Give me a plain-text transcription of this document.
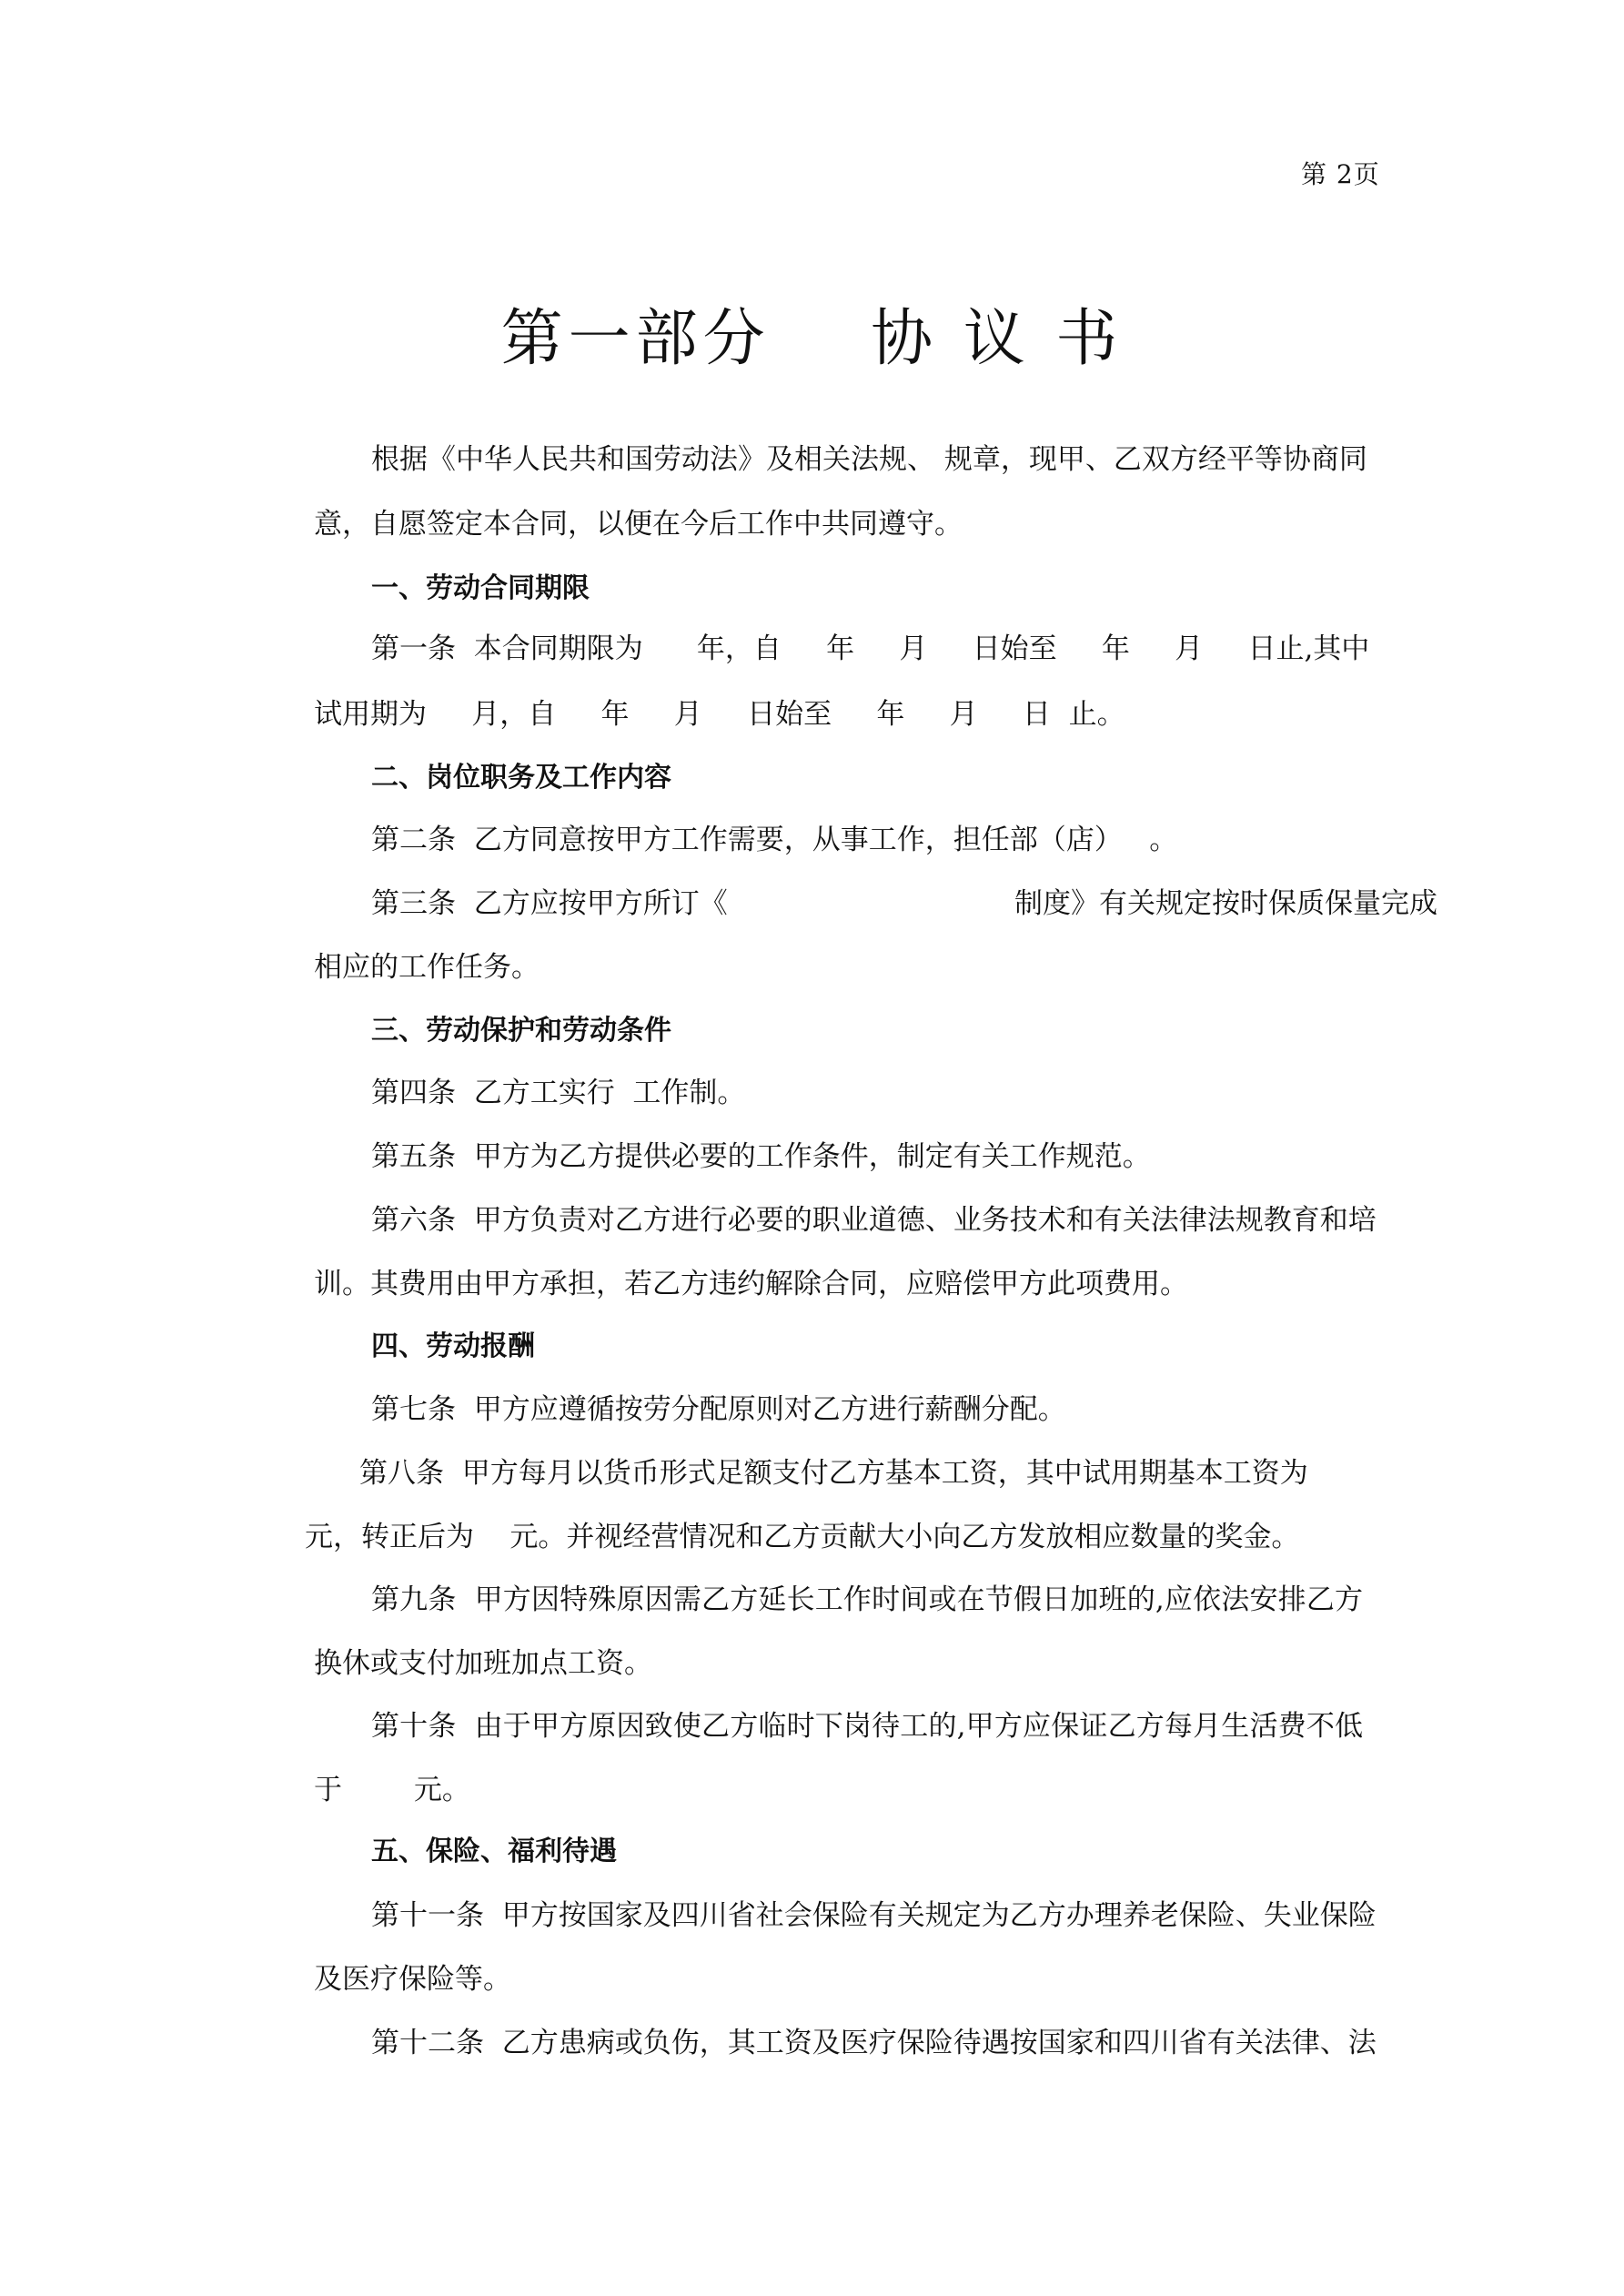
第 2页
第一部分    协 议 书
根据《中华人民共和国劳动法》及相关法规、 规章，现甲、乙双方经平等协商同
意，自愿签定本合同，以便在今后工作中共同遵守。
一、劳动合同期限
第一条  本合同期限为      年，自     年     月     日始至     年     月     日止,其中
试用期为     月，自     年     月     日始至     年     月     日  止。
二、岗位职务及工作内容
第二条  乙方同意按甲方工作需要，从事工作，担任部（店）   。
第三条  乙方应按甲方所订《                                制度》有关规定按时保质保量完成
相应的工作任务。
三、劳动保护和劳动条件
第四条  乙方工实行  工作制。
第五条  甲方为乙方提供必要的工作条件，制定有关工作规范。
第六条  甲方负责对乙方进行必要的职业道德、业务技术和有关法律法规教育和培
训。其费用由甲方承担，若乙方违约解除合同，应赔偿甲方此项费用。
四、劳动报酬
第七条  甲方应遵循按劳分配原则对乙方进行薪酬分配。
第八条  甲方每月以货币形式足额支付乙方基本工资，其中试用期基本工资为
元，转正后为    元。并视经营情况和乙方贡献大小向乙方发放相应数量的奖金。
第九条  甲方因特殊原因需乙方延长工作时间或在节假日加班的,应依法安排乙方
换休或支付加班加点工资。
第十条  由于甲方原因致使乙方临时下岗待工的,甲方应保证乙方每月生活费不低
于        元。
五、保险、福利待遇
第十一条  甲方按国家及四川省社会保险有关规定为乙方办理养老保险、失业保险
及医疗保险等。
第十二条  乙方患病或负伤，其工资及医疗保险待遇按国家和四川省有关法律、法
